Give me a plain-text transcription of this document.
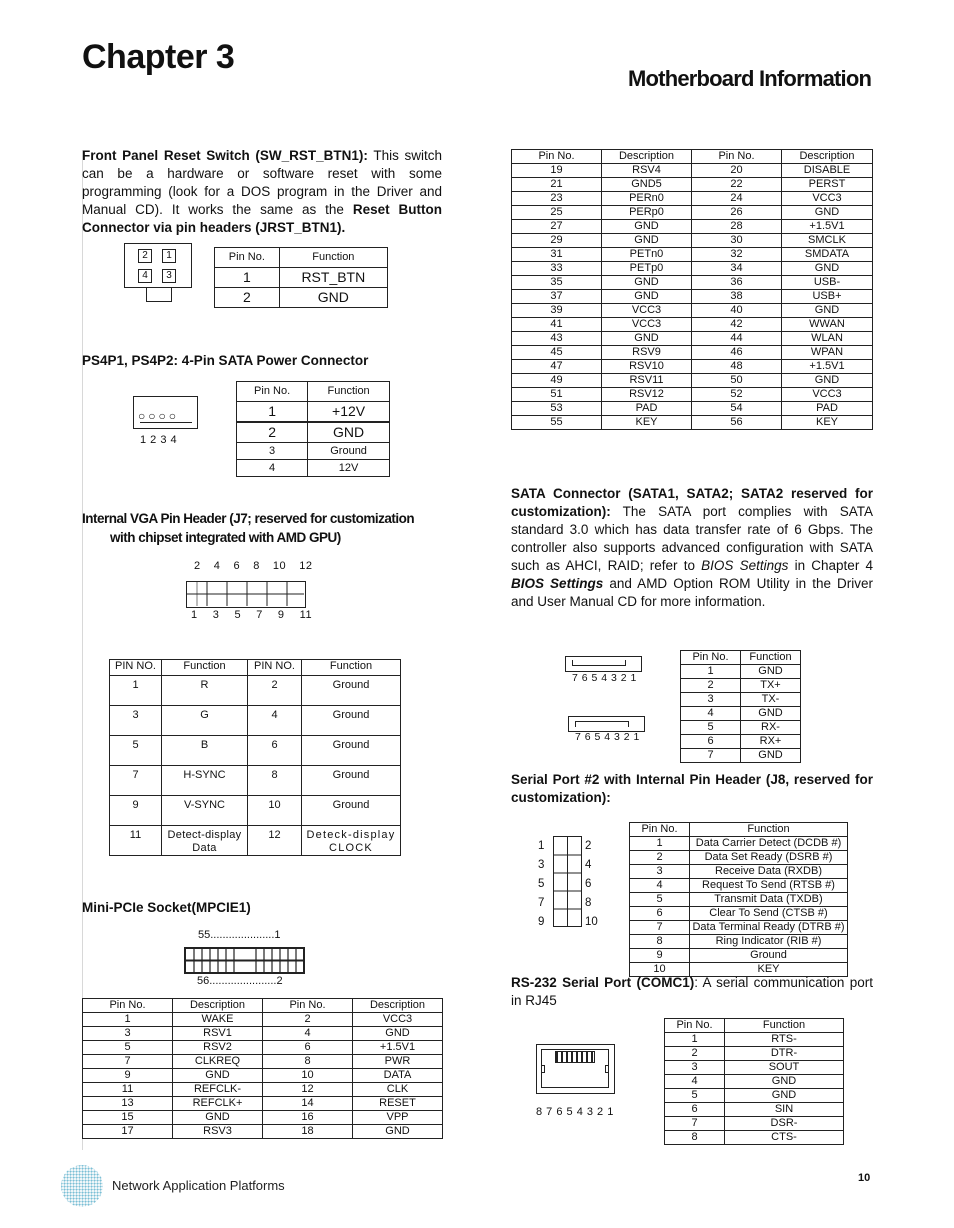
Chapter 3
Motherboard Information
Front Panel Reset Switch (SW_RST_BTN1): This switch can be a hardware or software reset with some programming (look for a DOS program in the Driver and Manual CD). It works the same as the Reset Button Connector via pin headers (JRST_BTN1).
2	1
4	3
Pin No.	Function
1	RST_BTN
2	GND
PS4P1, PS4P2: 4-Pin SATA Power Connector
○○○○
1 2 3 4
Pin No.	Function
1	+12V
2	GND
3	Ground
4	12V
Internal VGA Pin Header (J7; reserved for customization
with chipset integrated with AMD GPU)
2  4  6  8  10  12
1  3  5  7  9  11
PIN NO.	Function	PIN NO.	Function
1	R	2	Ground
3	G	4	Ground
5	B	6	Ground
7	H-SYNC	8	Ground
9	V-SYNC	10	Ground
11	Detect-display Data	12	Deteck-display CLOCK
Mini-PCIe Socket(MPCIE1)
55.....................1
56......................2
Pin No.	Description	Pin No.	Description
1	WAKE	2	VCC3
3	RSV1	4	GND
5	RSV2	6	+1.5V1
7	CLKREQ	8	PWR
9	GND	10	DATA
11	REFCLK-	12	CLK
13	REFCLK+	14	RESET
15	GND	16	VPP
17	RSV3	18	GND
Pin No.	Description	Pin No.	Description
19	RSV4	20	DISABLE
21	GND5	22	PERST
23	PERn0	24	VCC3
25	PERp0	26	GND
27	GND	28	+1.5V1
29	GND	30	SMCLK
31	PETn0	32	SMDATA
33	PETp0	34	GND
35	GND	36	USB-
37	GND	38	USB+
39	VCC3	40	GND
41	VCC3	42	WWAN
43	GND	44	WLAN
45	RSV9	46	WPAN
47	RSV10	48	+1.5V1
49	RSV11	50	GND
51	RSV12	52	VCC3
53	PAD	54	PAD
55	KEY	56	KEY
SATA Connector (SATA1, SATA2; SATA2 reserved for customization): The SATA port complies with SATA standard 3.0 which has data transfer rate of 6 Gbps. The controller also supports advanced configuration with SATA such as AHCI, RAID; refer to BIOS Settings in Chapter 4 BIOS Settings and AMD Option ROM Utility in the Driver and User Manual CD for more information.
7 6 5 4 3 2 1
7 6 5 4 3 2 1
Pin No.	Function
1	GND
2	TX+
3	TX-
4	GND
5	RX-
6	RX+
7	GND
Serial Port #2 with Internal Pin Header (J8, reserved for customization):
1
3
5
7
9
2
4
6
8
10
Pin No.	Function
1	Data Carrier Detect (DCDB #)
2	Data Set Ready (DSRB #)
3	Receive Data (RXDB)
4	Request To Send (RTSB #)
5	Transmit Data (TXDB)
6	Clear To Send (CTSB #)
7	Data Terminal Ready (DTRB #)
8	Ring Indicator (RIB #)
9	Ground
10	KEY
RS-232 Serial Port (COMC1): A serial communication port in RJ45
8 7 6 5 4 3 2 1
Pin No.	Function
1	RTS-
2	DTR-
3	SOUT
4	GND
5	GND
6	SIN
7	DSR-
8	CTS-
Network Application Platforms	10
